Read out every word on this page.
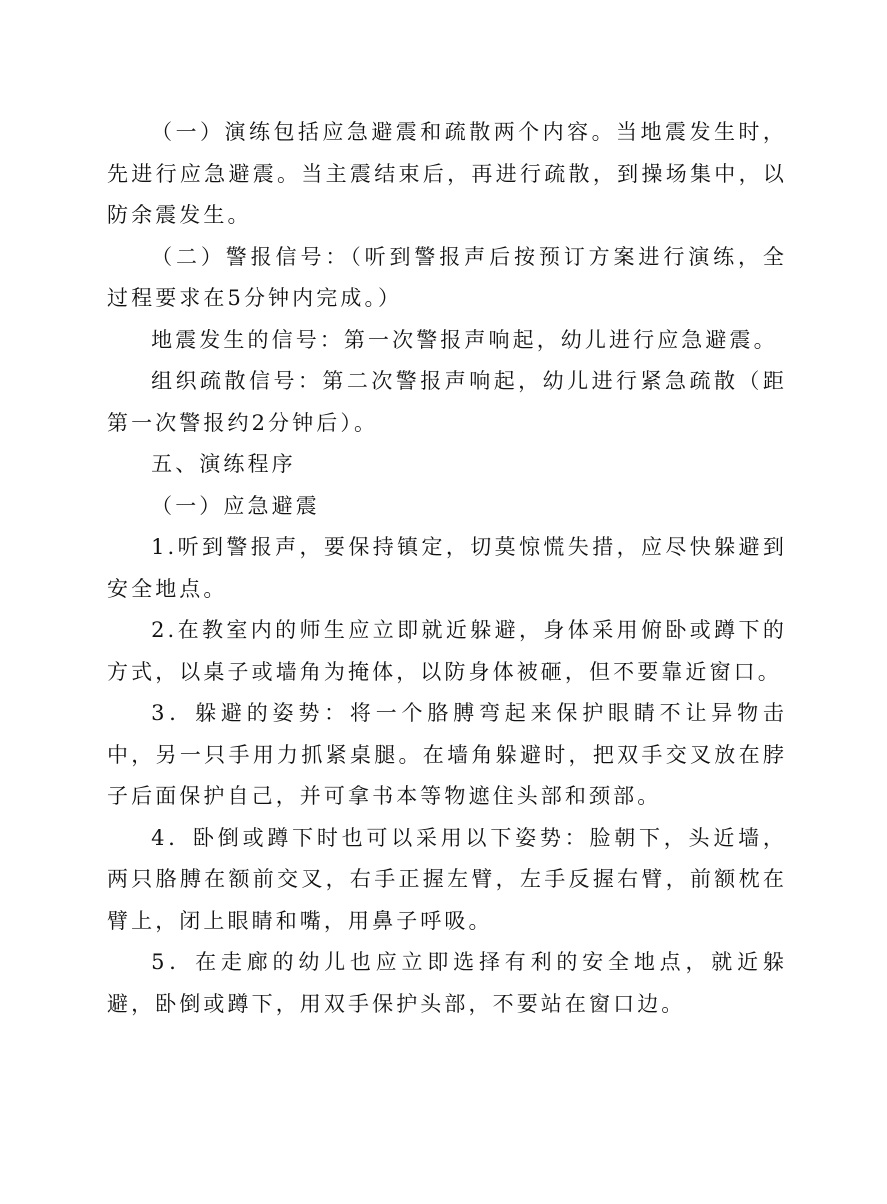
（一）演练包括应急避震和疏散两个内容。当地震发生时，先进行应急避震。当主震结束后，再进行疏散，到操场集中，以防余震发生。

（二）警报信号：（听到警报声后按预订方案进行演练，全过程要求在5分钟内完成。）

地震发生的信号：第一次警报声响起，幼儿进行应急避震。

组织疏散信号：第二次警报声响起，幼儿进行紧急疏散（距第一次警报约2分钟后）。

五、演练程序

（一）应急避震

1.听到警报声，要保持镇定，切莫惊慌失措，应尽快躲避到安全地点。

2.在教室内的师生应立即就近躲避，身体采用俯卧或蹲下的方式，以桌子或墙角为掩体，以防身体被砸，但不要靠近窗口。

3．躲避的姿势：将一个胳膊弯起来保护眼睛不让异物击中，另一只手用力抓紧桌腿。在墙角躲避时，把双手交叉放在脖子后面保护自己，并可拿书本等物遮住头部和颈部。

4．卧倒或蹲下时也可以采用以下姿势：脸朝下，头近墙，两只胳膊在额前交叉，右手正握左臂，左手反握右臂，前额枕在臂上，闭上眼睛和嘴，用鼻子呼吸。

5．在走廊的幼儿也应立即选择有利的安全地点，就近躲避，卧倒或蹲下，用双手保护头部，不要站在窗口边。
